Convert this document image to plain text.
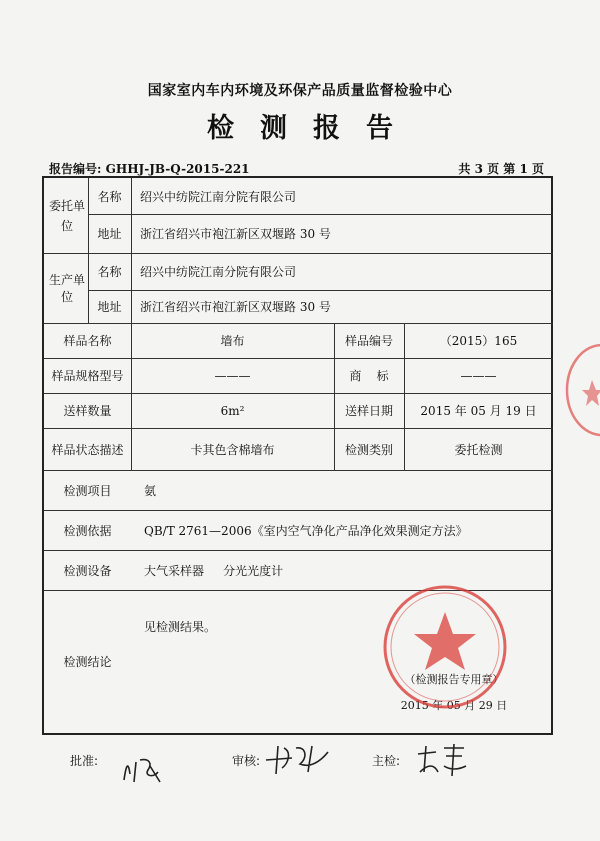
国家室内车内环境及环保产品质量监督检验中心
检测报告
报告编号: GHHJ-JB-Q-2015-221	共 3 页 第 1 页
委托单位
名称	绍兴中纺院江南分院有限公司
地址	浙江省绍兴市袍江新区双堰路 30 号
生产单位
名称	绍兴中纺院江南分院有限公司
地址	浙江省绍兴市袍江新区双堰路 30 号
样品名称	墙布	样品编号	（2015）165
样品规格型号	———	商    标	———
送样数量	6m²	送样日期	2015 年 05 月 19 日
样品状态描述	卡其色含棉墙布	检测类别	委托检测
检测项目	氨
检测依据	QB/T 2761—2006《室内空气净化产品净化效果测定方法》
检测设备	大气采样器     分光光度计
检测结论
见检测结果。
（检测报告专用章）
2015 年 05 月 29 日
批准:	审核:	主检:
